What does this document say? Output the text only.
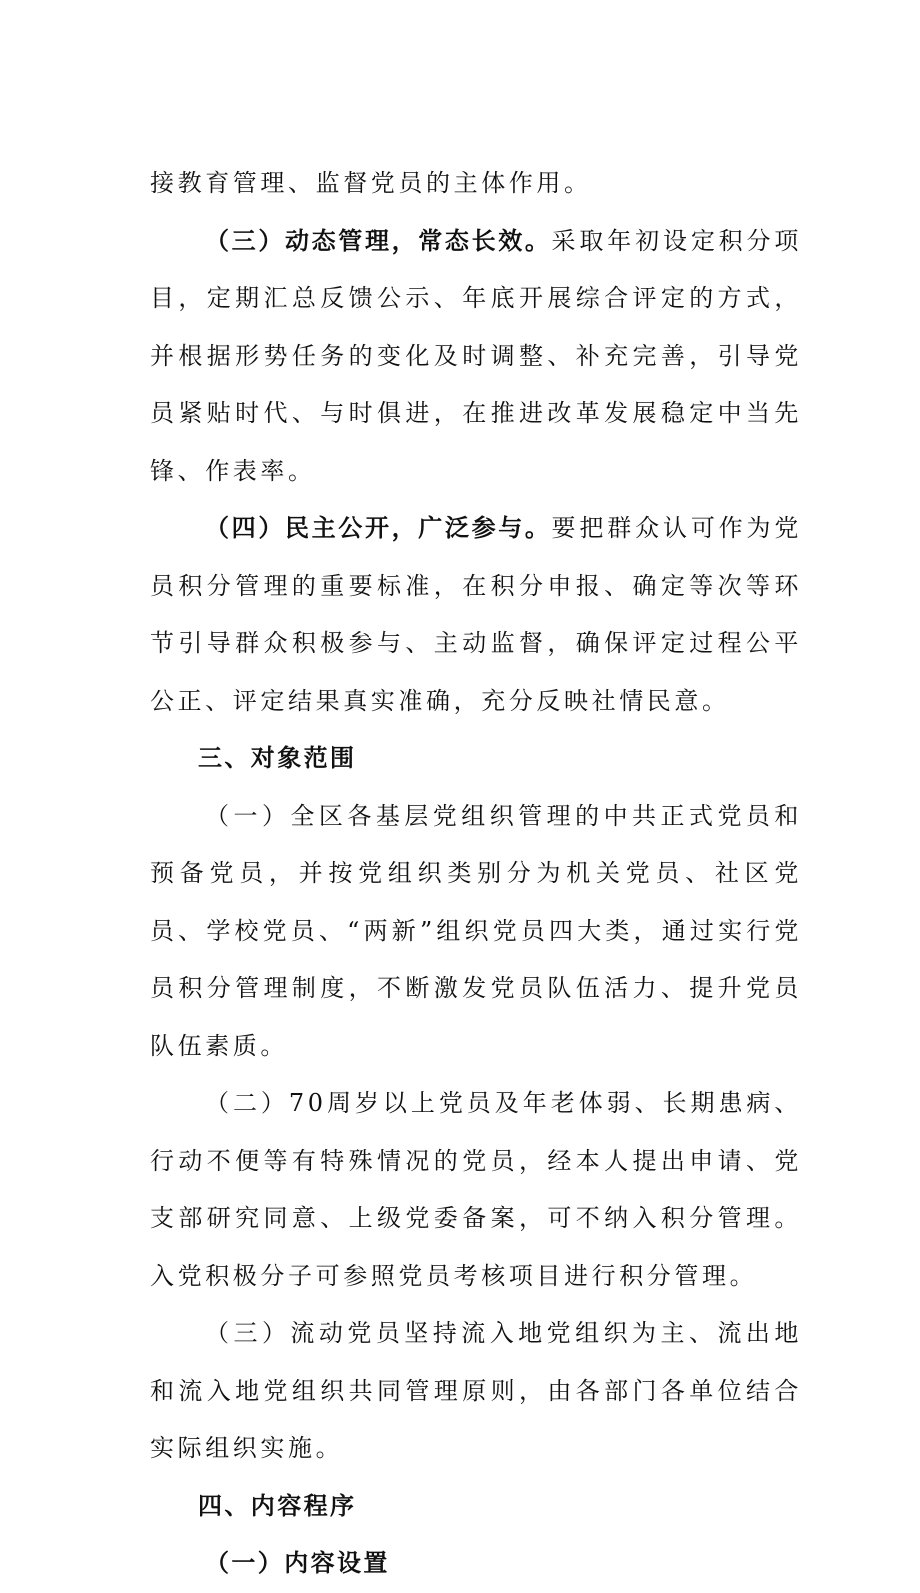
接教育管理、监督党员的主体作用。

（三）动态管理，常态长效。采取年初设定积分项目，定期汇总反馈公示、年底开展综合评定的方式，并根据形势任务的变化及时调整、补充完善，引导党员紧贴时代、与时俱进，在推进改革发展稳定中当先锋、作表率。

（四）民主公开，广泛参与。要把群众认可作为党员积分管理的重要标准，在积分申报、确定等次等环节引导群众积极参与、主动监督，确保评定过程公平公正、评定结果真实准确，充分反映社情民意。

三、对象范围

（一）全区各基层党组织管理的中共正式党员和预备党员，并按党组织类别分为机关党员、社区党员、学校党员、“两新”组织党员四大类，通过实行党员积分管理制度，不断激发党员队伍活力、提升党员队伍素质。

（二）70周岁以上党员及年老体弱、长期患病、行动不便等有特殊情况的党员，经本人提出申请、党支部研究同意、上级党委备案，可不纳入积分管理。入党积极分子可参照党员考核项目进行积分管理。

（三）流动党员坚持流入地党组织为主、流出地和流入地党组织共同管理原则，由各部门各单位结合实际组织实施。

四、内容程序
（一）内容设置
